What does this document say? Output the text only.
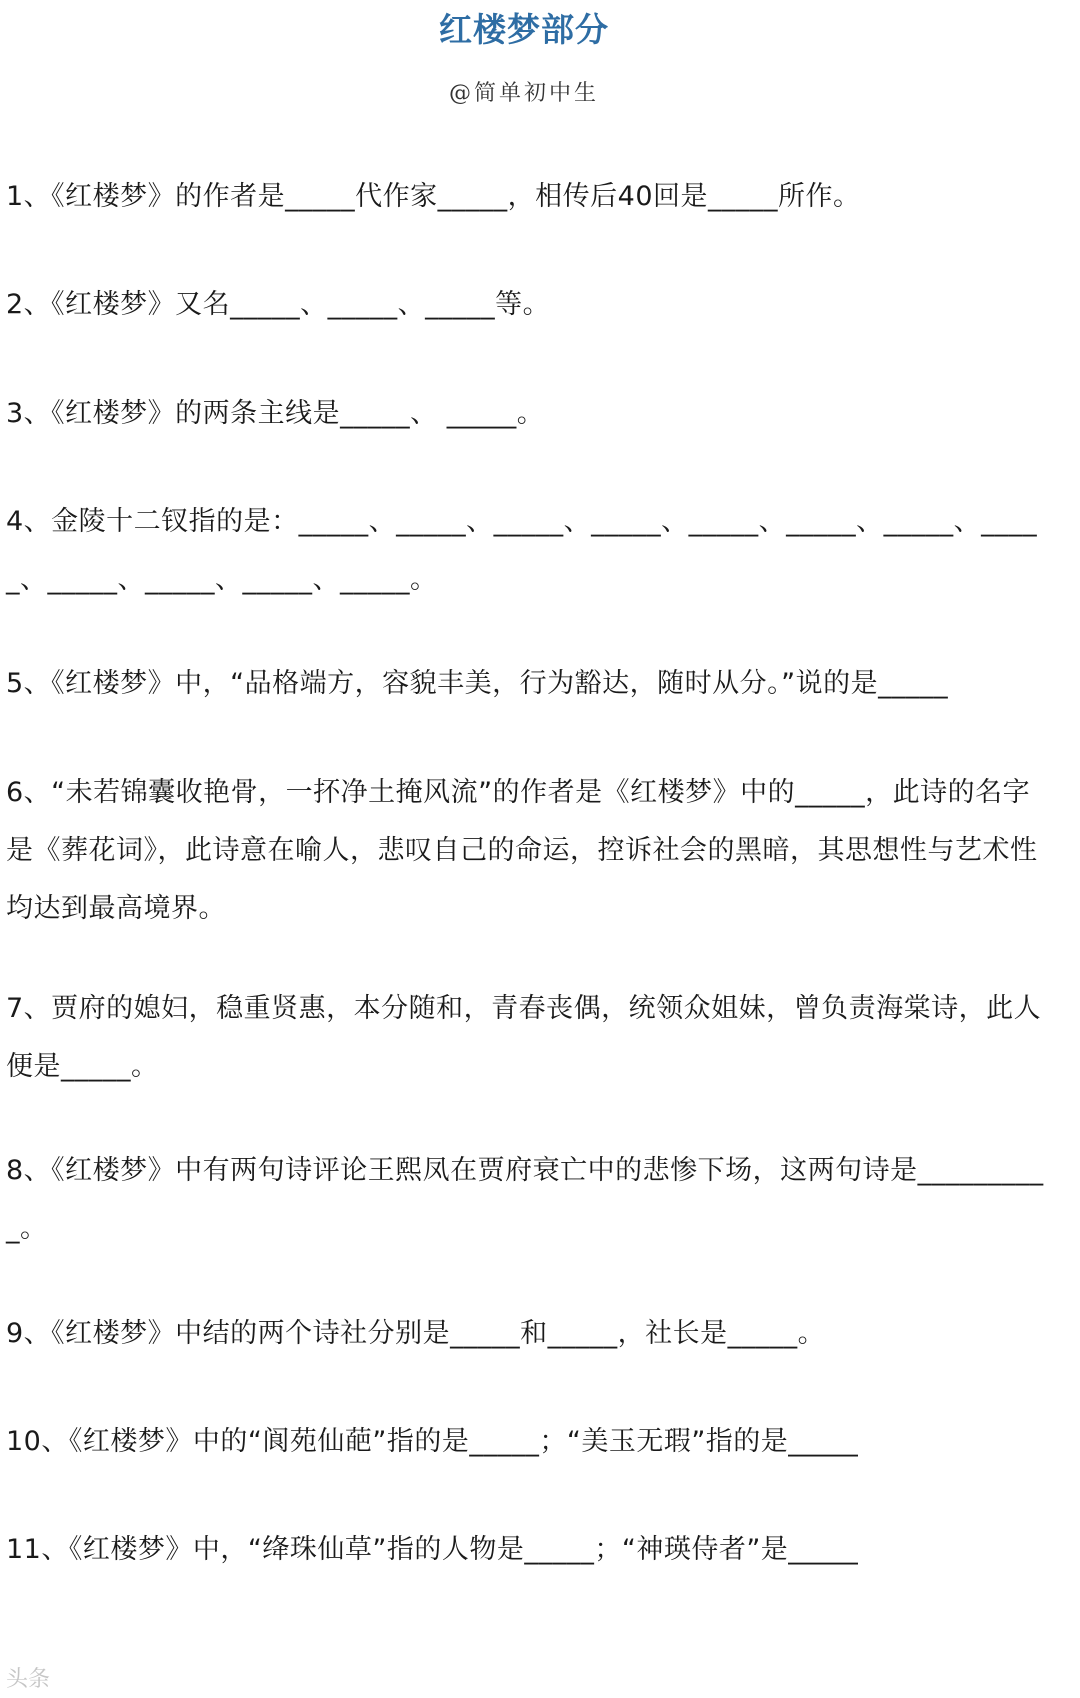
红楼梦部分
@简单初中生

1、《红楼梦》的作者是_____代作家_____，相传后40回是_____所作。

2、《红楼梦》又名_____、_____、_____等。

3、《红楼梦》的两条主线是_____、 _____。

4、金陵十二钗指的是：_____、_____、_____、_____、_____、_____、_____、_____、_____、_____、_____、_____。

5、《红楼梦》中，“品格端方，容貌丰美，行为豁达，随时从分。”说的是_____

6、“未若锦囊收艳骨，一抔净土掩风流”的作者是《红楼梦》中的_____，此诗的名字是《葬花词》，此诗意在喻人，悲叹自己的命运，控诉社会的黑暗，其思想性与艺术性均达到最高境界。

7、贾府的媳妇，稳重贤惠，本分随和，青春丧偶，统领众姐妹，曾负责海棠诗，此人便是_____。

8、《红楼梦》中有两句诗评论王熙凤在贾府衰亡中的悲惨下场，这两句诗是__________。

9、《红楼梦》中结的两个诗社分别是_____和_____，社长是_____。

10、《红楼梦》中的“阆苑仙葩”指的是_____；“美玉无瑕”指的是_____

11、《红楼梦》中，“绛珠仙草”指的人物是_____；“神瑛侍者”是_____

头条
